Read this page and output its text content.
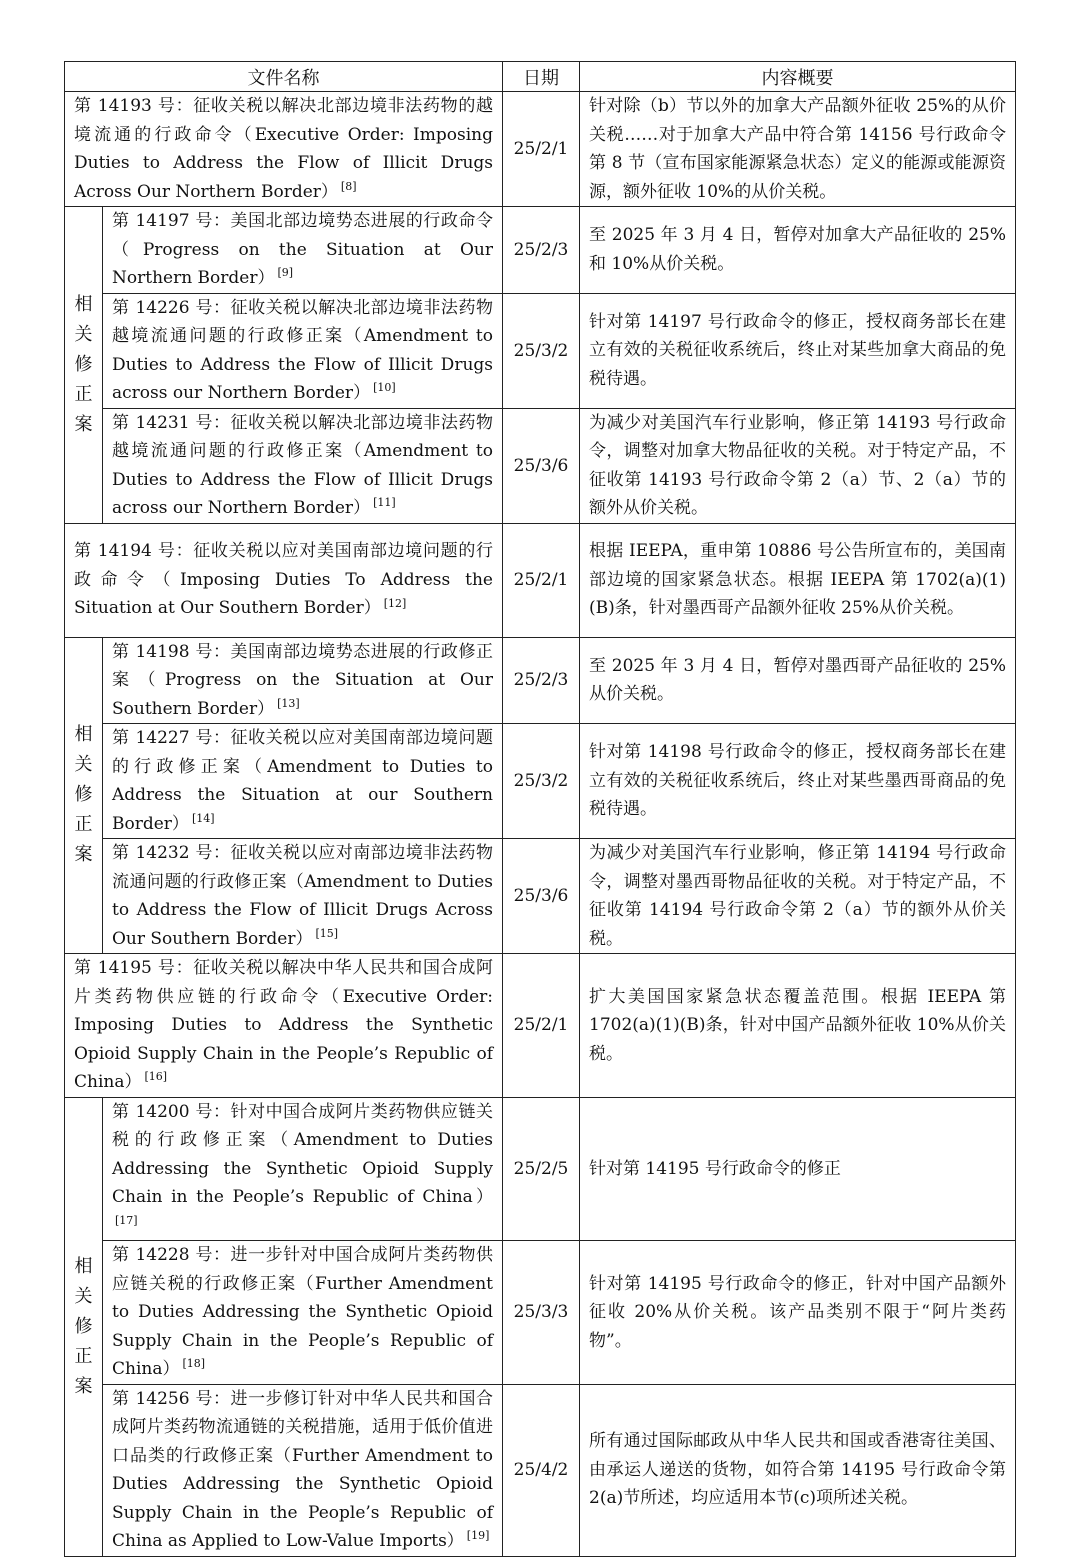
文件名称		日期	内容概要
第 14193 号：征收关税以解决北部边境非法药物的越境流通的行政命令（Executive Order: Imposing Duties to Address the Flow of Illicit Drugs Across Our Northern Border） [8]		25/2/1	针对除（b）节以外的加拿大产品额外征收 25%的从价关税……对于加拿大产品中符合第 14156 号行政命令第 8 节（宣布国家能源紧急状态）定义的能源或能源资源，额外征收 10%的从价关税。

相
关
修
正
案	第 14197 号：美国北部边境势态进展的行政命令（Progress on the Situation at Our Northern Border） [9]	25/2/3	至 2025 年 3 月 4 日，暂停对加拿大产品征收的 25%和 10%从价关税。
	第 14226 号：征收关税以解决北部边境非法药物越境流通问题的行政修正案（Amendment to Duties to Address the Flow of Illicit Drugs across our Northern Border） [10]	25/3/2	针对第 14197 号行政命令的修正，授权商务部长在建立有效的关税征收系统后，终止对某些加拿大商品的免税待遇。
	第 14231 号：征收关税以解决北部边境非法药物越境流通问题的行政修正案（Amendment to Duties to Address the Flow of Illicit Drugs across our Northern Border） [11]	25/3/6	为减少对美国汽车行业影响，修正第 14193 号行政命令，调整对加拿大物品征收的关税。对于特定产品，不征收第 14193 号行政命令第 2（a）节、2（a）节的额外从价关税。
第 14194 号：征收关税以应对美国南部边境问题的行政命令（Imposing Duties To Address the Situation at Our Southern Border） [12]		25/2/1	根据 IEEPA，重申第 10886 号公告所宣布的，美国南部边境的国家紧急状态。根据 IEEPA 第 1702(a)(1)(B)条，针对墨西哥产品额外征收 25%从价关税。

相
关
修
正
案	第 14198 号：美国南部边境势态进展的行政修正案（Progress on the Situation at Our Southern Border） [13]	25/2/3	至 2025 年 3 月 4 日，暂停对墨西哥产品征收的 25%从价关税。
	第 14227 号：征收关税以应对美国南部边境问题的行政修正案（Amendment to Duties to Address the Situation at our Southern Border） [14]	25/3/2	针对第 14198 号行政命令的修正，授权商务部长在建立有效的关税征收系统后，终止对某些墨西哥商品的免税待遇。
	第 14232 号：征收关税以应对南部边境非法药物流通问题的行政修正案（Amendment to Duties to Address the Flow of Illicit Drugs Across Our Southern Border） [15]	25/3/6	为减少对美国汽车行业影响，修正第 14194 号行政命令，调整对墨西哥物品征收的关税。对于特定产品，不征收第 14194 号行政命令第 2（a）节的额外从价关税。
第 14195 号：征收关税以解决中华人民共和国合成阿片类药物供应链的行政命令（Executive Order: Imposing Duties to Address the Synthetic Opioid Supply Chain in the People’s Republic of China） [16]		25/2/1	扩大美国国家紧急状态覆盖范围。根据 IEEPA 第 1702(a)(1)(B)条，针对中国产品额外征收 10%从价关税。

相
关
修
正
案	第 14200 号：针对中国合成阿片类药物供应链关税的行政修正案（Amendment to Duties Addressing the Synthetic Opioid Supply Chain in the People’s Republic of China）[17]	25/2/5	针对第 14195 号行政命令的修正
	第 14228 号：进一步针对中国合成阿片类药物供应链关税的行政修正案（Further Amendment to Duties Addressing the Synthetic Opioid Supply Chain in the People’s Republic of China） [18]	25/3/3	针对第 14195 号行政命令的修正，针对中国产品额外征收 20%从价关税。该产品类别不限于“阿片类药物”。
	第 14256 号：进一步修订针对中华人民共和国合成阿片类药物流通链的关税措施，适用于低价值进口品类的行政修正案（Further Amendment to Duties Addressing the Synthetic Opioid Supply Chain in the People’s Republic of China as Applied to Low-Value Imports） [19]	25/4/2	所有通过国际邮政从中华人民共和国或香港寄往美国、由承运人递送的货物，如符合第 14195 号行政命令第 2(a)节所述，均应适用本节(c)项所述关税。
